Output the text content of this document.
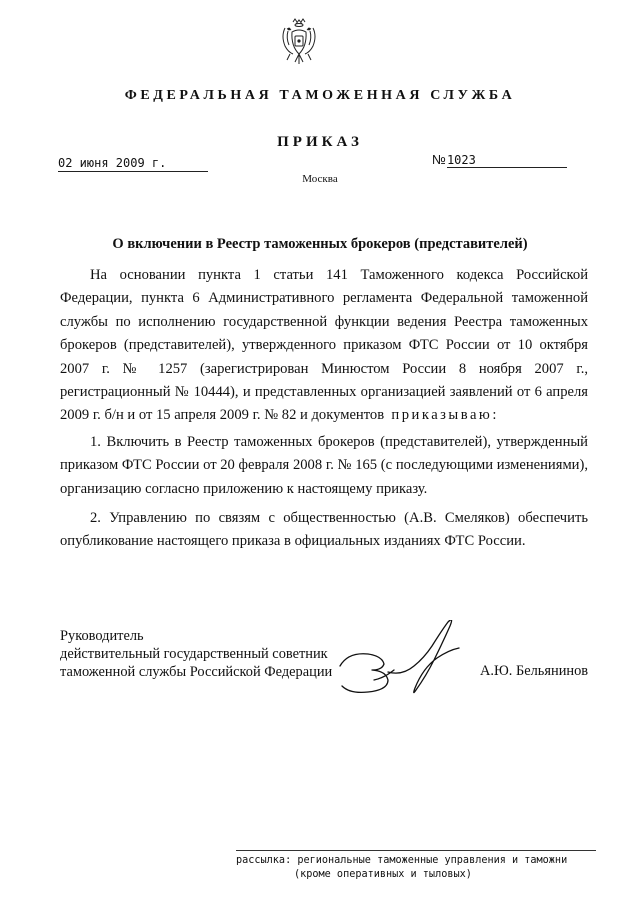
ФЕДЕРАЛЬНАЯ ТАМОЖЕННАЯ СЛУЖБА
ПРИКАЗ
02 июня 2009 г.	№1023
Москва
О включении в Реестр таможенных брокеров (представителей)

На основании пункта 1 статьи 141 Таможенного кодекса Российской Федерации, пункта 6 Административного регламента Федеральной таможенной службы по исполнению государственной функции ведения Реестра таможенных брокеров (представителей), утвержденного приказом ФТС России от 10 октября 2007 г. № 1257 (зарегистрирован Минюстом России 8 ноября 2007 г., регистрационный № 10444), и представленных организацией заявлений от 6 апреля 2009 г. б/н и от 15 апреля 2009 г. № 82 и документов приказываю:

1. Включить в Реестр таможенных брокеров (представителей), утвержденный приказом ФТС России от 20 февраля 2008 г. № 165 (с последующими изменениями), организацию согласно приложению к настоящему приказу.

2. Управлению по связям с общественностью (А.В. Смеляков) обеспечить опубликование настоящего приказа в официальных изданиях ФТС России.

Руководитель
действительный государственный советник
таможенной службы Российской Федерации	А.Ю. Бельянинов
рассылка: региональные таможенные управления и таможни
(кроме оперативных и тыловых)
